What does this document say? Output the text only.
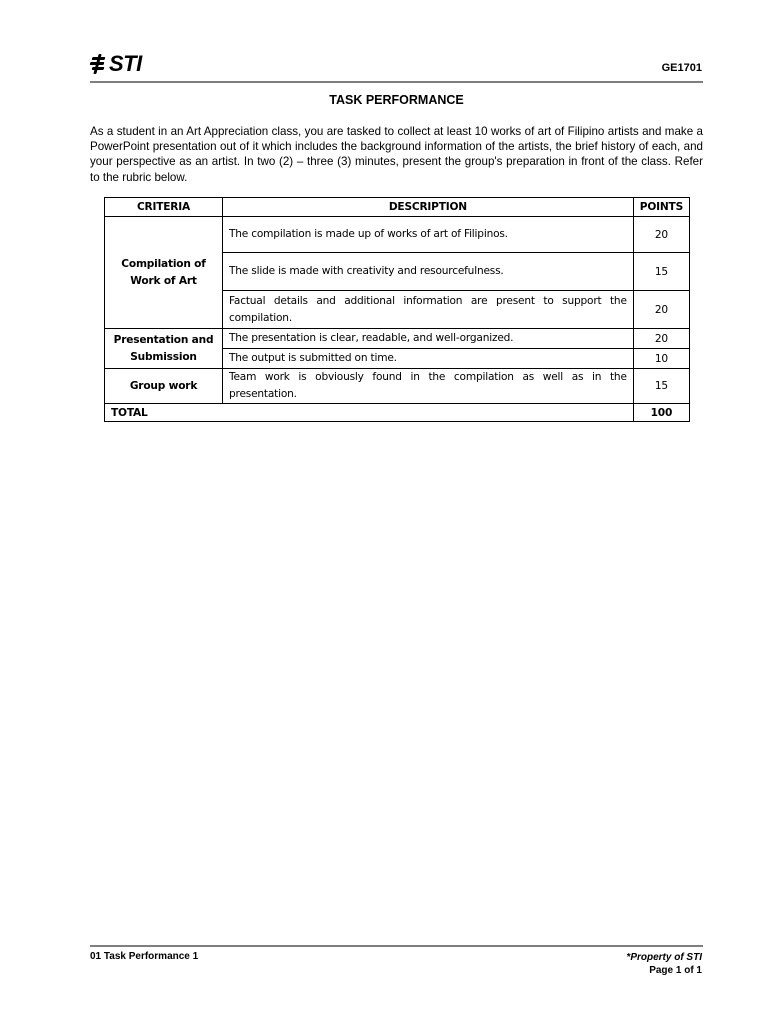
STI	GE1701
TASK PERFORMANCE
As a student in an Art Appreciation class, you are tasked to collect at least 10 works of art of Filipino artists and make a PowerPoint presentation out of it which includes the background information of the artists, the brief history of each, and your perspective as an artist. In two (2) – three (3) minutes, present the group's preparation in front of the class. Refer to the rubric below.
CRITERIA	DESCRIPTION	POINTS
Compilation of Work of Art	The compilation is made up of works of art of Filipinos.	20
	The slide is made with creativity and resourcefulness.	15
	Factual details and additional information are present to support the compilation.	20
Presentation and Submission	The presentation is clear, readable, and well-organized.	20
	The output is submitted on time.	10
Group work	Team work is obviously found in the compilation as well as in the presentation.	15
TOTAL		100
01 Task Performance 1	*Property of STI
Page 1 of 1
